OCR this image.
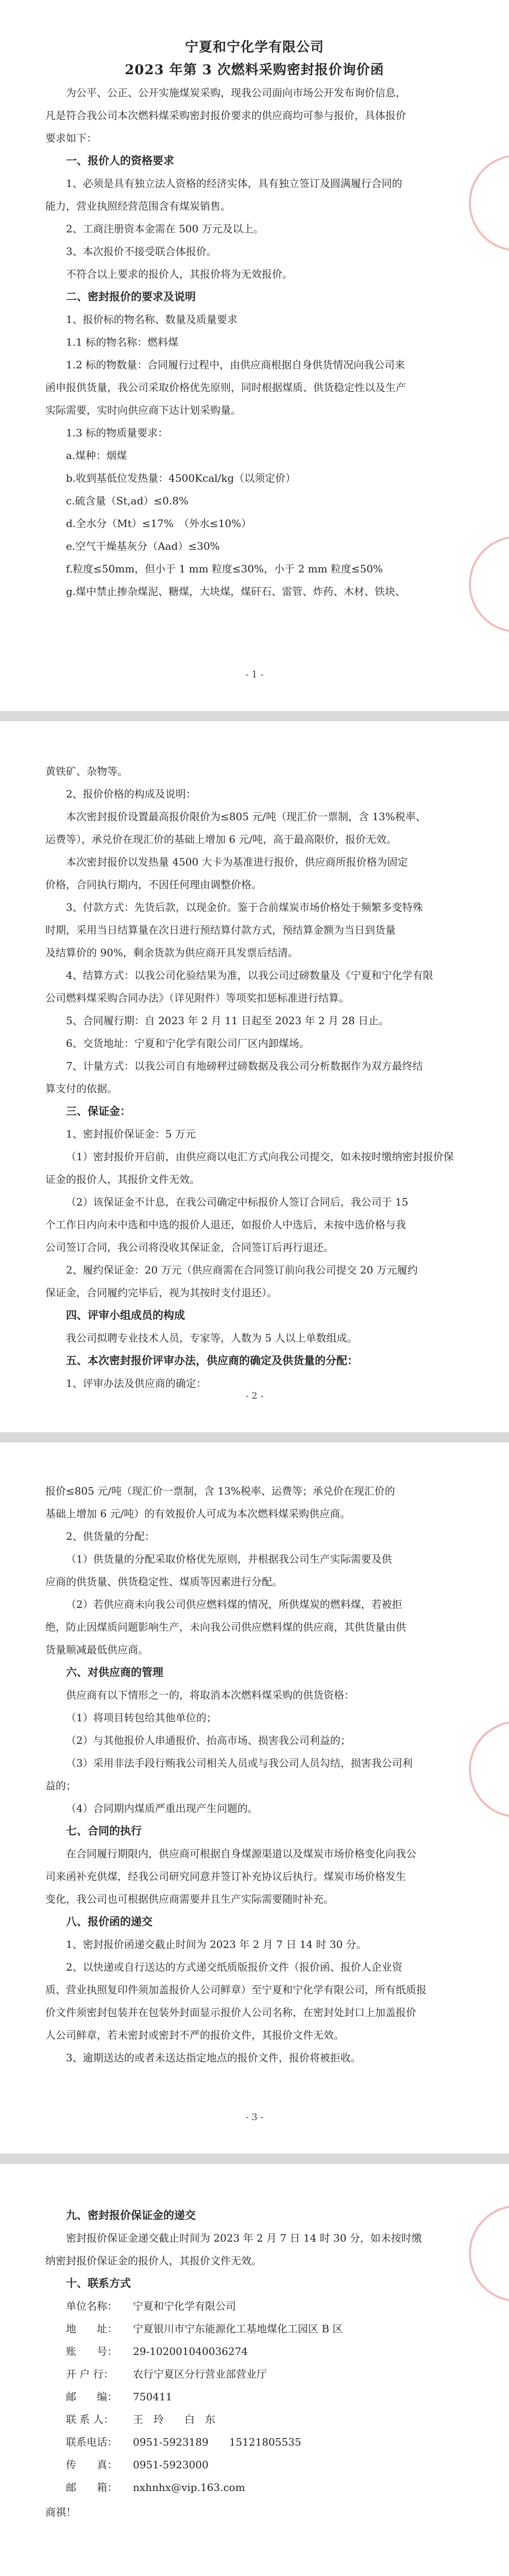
宁夏和宁化学有限公司

2023 年第 3 次燃料采购密封报价询价函

为公平、公正、公开实施煤炭采购，现我公司面向市场公开发布询价信息，

凡是符合我公司本次燃料煤采购密封报价要求的供应商均可参与报价，具体报价

要求如下：

一、报价人的资格要求

1、必须是具有独立法人资格的经济实体，具有独立签订及圆满履行合同的

能力，营业执照经营范围含有煤炭销售。

2、工商注册资本金需在 500 万元及以上。

3、本次报价不接受联合体报价。

不符合以上要求的报价人，其报价将为无效报价。

二、密封报价的要求及说明

1、报价标的物名称、数量及质量要求

1.1 标的物名称：燃料煤

1.2 标的物数量：合同履行过程中，由供应商根据自身供货情况向我公司来

函申报供货量，我公司采取价格优先原则，同时根据煤质、供货稳定性以及生产

实际需要，实时向供应商下达计划采购量。

1.3 标的物质量要求：

a.煤种：烟煤

b.收到基低位发热量：4500Kcal/kg（以须定价）

c.硫含量（St,ad）≤0.8%

d.全水分（Mt）≤17%　（外水≤10%）

e.空气干燥基灰分（Aad）≤30%

f.粒度≤50mm，但小于 1 mm 粒度≤30%，小于 2 mm 粒度≤50%

g.煤中禁止掺杂煤泥、糖煤，大块煤，煤矸石、雷管、炸药、木材、铁块、

- 1 -

黄铁矿、杂物等。

2、报价价格的构成及说明：

本次密封报价设置最高报价限价为≤805 元/吨（现汇价一票制，含 13%税率、

运费等），承兑价在现汇价的基础上增加 6 元/吨，高于最高限价，报价无效。

本次密封报价以发热量 4500 大卡为基准进行报价，供应商所报价格为固定

价格，合同执行期内，不因任何理由调整价格。

3、付款方式：先货后款，以现金价。鉴于合前煤炭市场价格处于频繁多变特殊

时期，采用当日结算量在次日进行预结算付款方式，预结算金额为当日到货量

及结算价的 90%，剩余货款为供应商开具发票后结清。

4、结算方式：以我公司化验结果为准，以我公司过磅数量及《宁夏和宁化学有限

公司燃料煤采购合同办法》（详见附件）等项奖扣惩标准进行结算。

5、合同履行期：自 2023 年 2 月 11 日起至 2023 年 2 月 28 日止。

6、交货地址：宁夏和宁化学有限公司厂区内卸煤场。

7、计量方式：以我公司自有地磅秤过磅数据及我公司分析数据作为双方最终结

算支付的依据。

三、保证金：

1、密封报价保证金：5 万元

（1）密封报价开启前，由供应商以电汇方式向我公司提交，如未按时缴纳密封报价保

证金的报价人，其报价文件无效。

（2）该保证金不计息，在我公司确定中标报价人签订合同后，我公司于 15

个工作日内向未中选和中选的报价人退还，如报价人中选后，未按中选价格与我

公司签订合同，我公司将没收其保证金，合同签订后再行退还。

2、履约保证金：20 万元（供应商需在合同签订前向我公司提交 20 万元履约

保证金，合同履约完毕后，视为其按时支付退还）。

四、评审小组成员的构成

我公司拟聘专业技术人员，专家等，人数为 5 人以上单数组成。

五、本次密封报价评审办法，供应商的确定及供货量的分配：

1、评审办法及供应商的确定：

- 2 -

报价≤805 元/吨（现汇价一票制，含 13%税率、运费等；承兑价在现汇价的

基础上增加 6 元/吨）的有效报价人可成为本次燃料煤采购供应商。

2、供货量的分配：

（1）供货量的分配采取价格优先原则，并根据我公司生产实际需要及供

应商的供货量、供货稳定性、煤质等因素进行分配。

（2）若供应商未向我公司供应燃料煤的情况，所供煤炭的燃料煤，若被拒

绝，防止因煤质问题影响生产，未向我公司供应燃料煤的供应商，其供货量由供

货量顺减最低供应商。

六、对供应商的管理

供应商有以下情形之一的，将取消本次燃料煤采购的供货资格：

（1）将项目转包给其他单位的；

（2）与其他报价人串通报价、抬高市场、损害我公司利益的；

（3）采用非法手段行贿我公司相关人员或与我公司人员勾结，损害我公司利

益的；

（4）合同期内煤质严重出现产生问题的。

七、合同的执行

在合同履行期限内，供应商可根据自身煤源渠道以及煤炭市场价格变化向我公

司来函补充供煤，经我公司研究同意并签订补充协议后执行。煤炭市场价格发生

变化，我公司也可根据供应商需要并且生产实际需要随时补充。

八、报价函的递交

1、密封报价函递交截止时间为 2023 年 2 月 7 日 14 时 30 分。

2、以快递或自行送达的方式递交纸质版报价文件（报价函、报价人企业资

质、营业执照复印件须加盖报价人公司鲜章）至宁夏和宁化学有限公司，所有纸质报

价文件须密封包装并在包装外封面显示报价人公司名称，在密封处封口上加盖报价

人公司鲜章，若未密封或密封不严的报价文件，其报价文件无效。

3、逾期送达的或者未送达指定地点的报价文件，报价将被拒收。

- 3 -

九、密封报价保证金的递交

密封报价保证金递交截止时间为 2023 年 2 月 7 日 14 时 30 分，如未按时缴

纳密封报价保证金的报价人，其报价文件无效。

十、联系方式

单位名称：	宁夏和宁化学有限公司
地　　址：	宁夏银川市宁东能源化工基地煤化工园区 B 区
账　　号：	29-102001040036274
开 户 行：	农行宁夏区分行营业部营业厅
邮　　编：	750411
联 系 人：	王　玲　　白　东
联系电话：	0951-5923189　　15121805535
传　　真：	0951-5923000
邮　　箱：	nxhnhx@vip.163.com

商祺！
